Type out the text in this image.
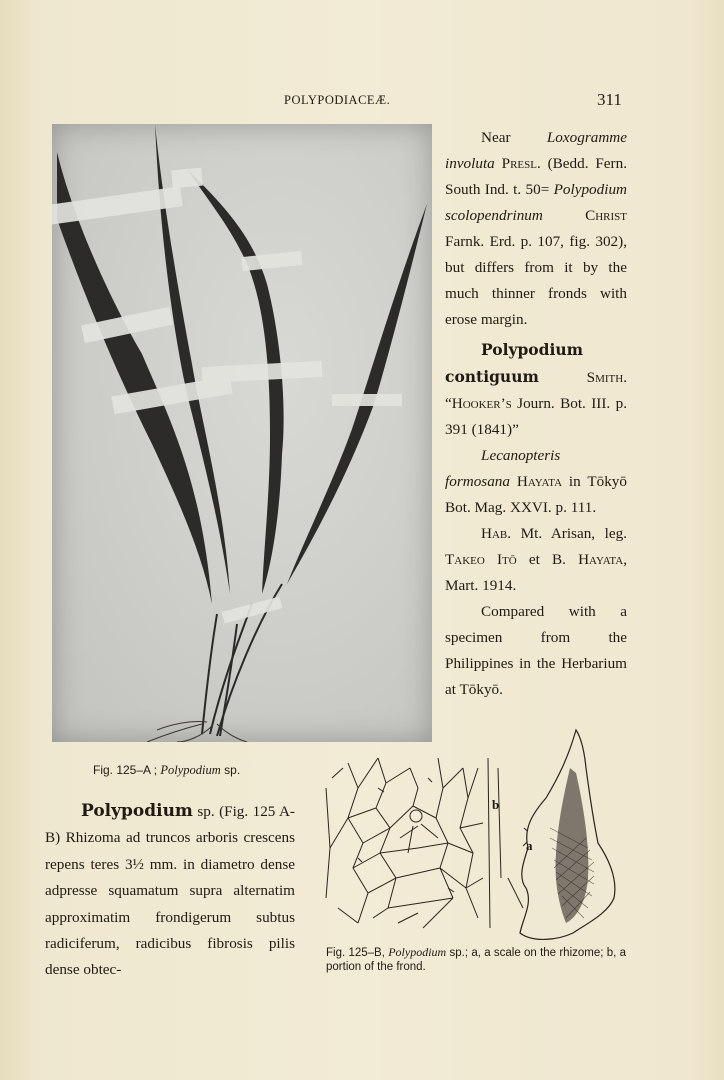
POLYPODIACEÆ.	311
Fig. 125–A ; Polypodium sp.

Near Loxogramme involuta Presl. (Bedd. Fern. South Ind. t. 50= Polypodium scolopendrinum	Christ Farnk. Erd. p. 107, fig. 302), but differs from it by the much thinner fronds with erose margin.

Polypodium contiguum	Smith. “Hooker’s Journ. Bot. III. p. 391 (1841)”

Lecanopteris formosana Hayata in Tōkyō Bot. Mag. XXVI. p. 111.

Hab. Mt. Arisan, leg. Takeo Itō et B. Hayata, Mart. 1914.

Compared with a specimen from the Philippines in the Herbarium at Tōkyō.

Polypodium sp. (Fig. 125 A-B) Rhizoma ad truncos arboris crescens repens teres 3½ mm. in diametro dense adpresse squamatum supra alternatim approximatim frondigerum subtus radiciferum, radicibus fibrosis pilis dense obtec-

b
a
Fig. 125–B, Polypodium sp.; a, a scale on the rhizome; b, a portion of the frond.
